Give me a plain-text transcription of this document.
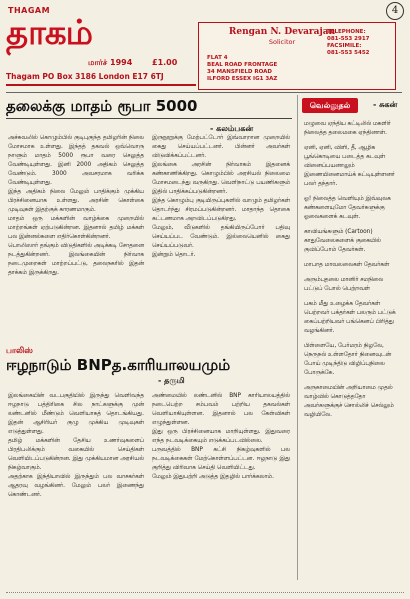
4
THAGAM
தாகம்
மார்ச் 1994 £1.00
Thagam PO Box 3186 London E17 6TJ
Rengan N. Devarajan
Solicitor
FLAT 4
BEAL ROAD FRONTAGE
34 MANSFIELD ROAD
ILFORD ESSEX IG1 3AZ
TELEPHONE:
081-553 2917
FACSIMILE:
081-553 5452
தலைக்கு மாதம் ரூபா 5000
- கலம்பகன்

அச்சுவலில் கொழும்பில் குடிபுகுந்த தமிழரின் நிலை மோசமாக உள்ளது. இந்தத் தகவல் ஒவ்வொரு நாளும் மாதம் 5000 ரூபா வரை செலுத்த வேண்டியுள்ளது. இனி 2000 அதிகம் செலுத்த வேண்டும். 3000 அவசரமாக வரிக்க வேண்டியுள்ளது.

இந்த அதிகம் நிலை மேலும் பாதிக்கும் முக்கிய பிரச்சினையாக உள்ளது. அரசின் கொள்கை முடிவுகள் இதற்குக் காரணமாகும்.

மாதம் ஒரு மக்களின் வாழ்க்கை முறையில் மாற்றங்கள் ஏற்படுகின்றன. இதனால் தமிழ் மக்கள் பல இன்னல்களை எதிர்கொள்கின்றனர்.

பொலிஸார் தங்கும் விடுதிகளில் அடிக்கடி சோதனை நடத்துகின்றனர். இலங்கையின் நிர்வாக நடைமுறைகள் மாற்றப்பட்டு, தலைநகரில் இதன் தாக்கம் இருக்கிறது.

இருநூறுக்கு மேற்பட்டோர் இவ்வாறான முறையில் கைது செய்யப்பட்டனர். பின்னர் அவர்கள் விடுவிக்கப்பட்டனர்.

இலங்கை அரசின் நிர்வாகம் இதனைக் கண்காணிக்கிறது. கொழும்பில் அரசியல் நிலைமை மோசமடைந்து வருகிறது. வெளிநாட்டு பயணிகளும் இதில் பாதிக்கப்படுகின்றனர்.

இந்த கொழும்பு குடியிருப்புகளில் வாழும் தமிழர்கள் தொடர்ந்து சிரமப்படுகின்றனர். மாதாந்த தொகை கட்டணமாக அறவிடப்படுகிறது.

மேலும், வீடுகளில் தங்கியிருப்போர் பதிவு செய்யப்பட வேண்டும். இல்லையெனில் கைது செய்யப்படுவர்.

இன்றும் தொடர்.

பாலிஸ்
ஈழநாடும் BNPத.காரியாலயமும்
- தருமி

இலங்கையின் வடபகுதியில் இருந்து வெளிவந்த ஈழநாடு பத்திரிகை சில நாட்களுக்கு முன் லண்டனில் மீண்டும் வெளியாகத் தொடங்கியது. இதன் ஆசிரியர் குழு முக்கிய முடிவுகள் எடுத்துள்ளது.

தமிழ் மக்களின் தேசிய உணர்வுகளைப் பிரதிபலிக்கும் வகையில் செய்திகள் வெளியிடப்படுகின்றன. இது முக்கியமான அரசியல் நிகழ்வாகும்.

அதற்காக இந்தியாவில் இருந்தும் பல வாசகர்கள் ஆதரவு வழங்கினர். மேலும் பலர் இணைந்து கொண்டனர்.

அண்மையில் லண்டனில் BNP காரியாலயத்தில் நடைபெற்ற சம்பவம் பற்றிய தகவல்கள் வெளியாகியுள்ளன. இதனால் பல கேள்விகள் எழுந்துள்ளன.

இது ஒரு பிரச்சினையாக மாறியுள்ளது. இதுவரை எந்த நடவடிக்கையும் எடுக்கப்படவில்லை.

பருவத்தில் BNP கட்சி நிகழ்வுகளில் பல நடவடிக்கைகள் மேற்கொள்ளப்பட்டன. ஈழநாடு இது குறித்து விரிவாக செய்தி வெளியிட்டது.

மேலும் இதுபற்றி அடுத்த இதழில் பார்க்கலாம்.

வெல்லுதல்	- சுகன்

மழுவை ஏந்திய கட்டிலில் மகளிர் நிலைத்த தலைமகை ஏந்தினாள்.

ஏனி, ஏனி, விளி, தீ, ஆழிக பூங்கொடியை படைத்த கடவுள் வினைப்பயனாலும் இணையினைமாய்க் கட்டியுள்ளனர் பலர் தந்தார்.

ஓ! நிலைத்த வெளியும் இவ்வுலக கண்களையுமோ தேவர்களுக்கு ஓலைகளைக் கடவுள்.

காவியங்களும் (Cartoon) காதுவேலைகளைக் குகையில் குவிப்போம் தேவர்கள்.

மாபாத மாவலலைகள் தேவர்கள்

அரும்புதலை மானிர் சமநிலை பட்டுப் போல் பெற்றவள்

பகம் மீது உழைக்க தேவர்கள் பெற்றவர் பக்தர்கள் பலரும் பட்டுக் கைப்பற்றியவர் பங்கெனப் பிரித்து வழங்கினர்.

பிள்ளையே, பேர்மரம் நிழலே, நெருநல் உள்ளதோர் நினைவுடன் போய் முடிந்திடு விழிப்புநிலை போருக்கே.

அருகாமையின் அறியாமை முதல் வாழ்வில் கொடுத்ததோ அவர்களுக்குச் சொல்லிச் செல்லும் வழியிலே.
